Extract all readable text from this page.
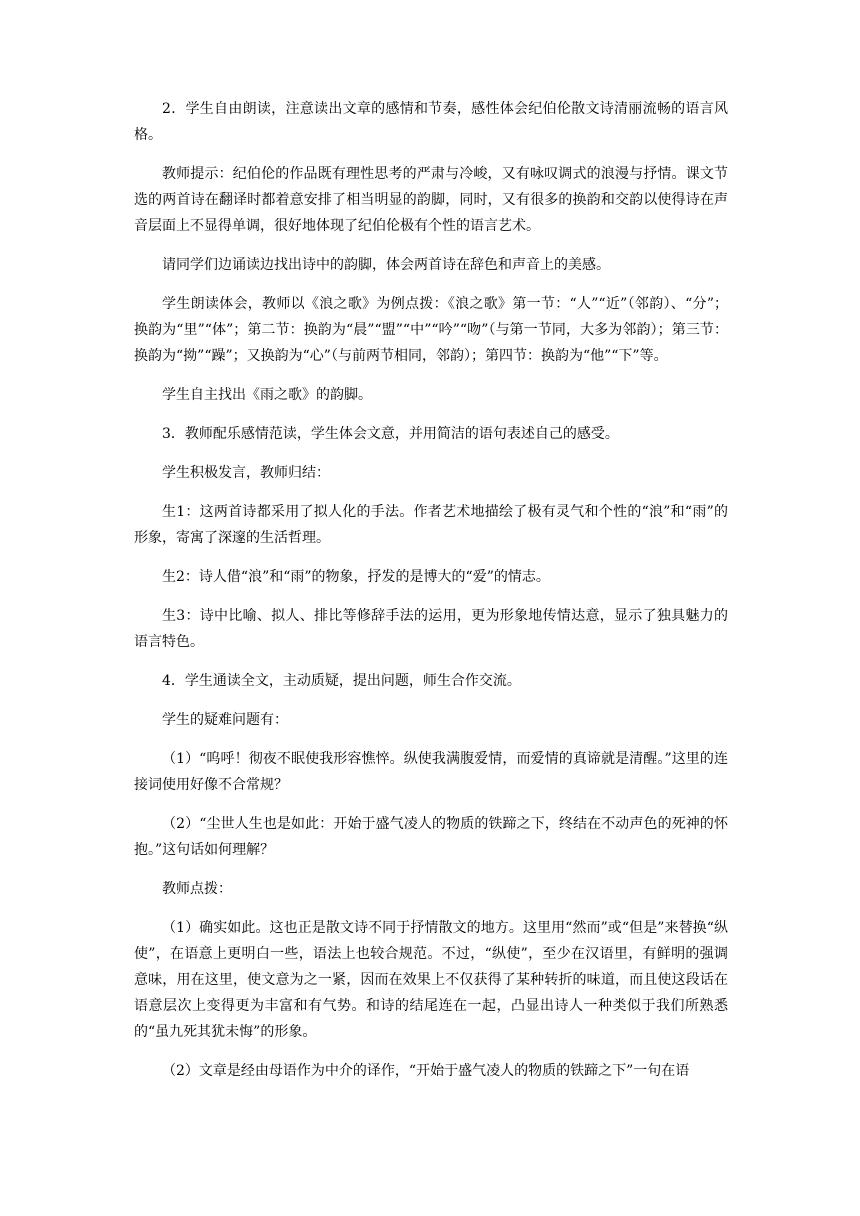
2．学生自由朗读，注意读出文章的感情和节奏，感性体会纪伯伦散文诗清丽流畅的语言风格。

教师提示：纪伯伦的作品既有理性思考的严肃与冷峻，又有咏叹调式的浪漫与抒情。课文节选的两首诗在翻译时都着意安排了相当明显的韵脚，同时，又有很多的换韵和交韵以使得诗在声音层面上不显得单调，很好地体现了纪伯伦极有个性的语言艺术。

请同学们边诵读边找出诗中的韵脚，体会两首诗在辞色和声音上的美感。

学生朗读体会，教师以《浪之歌》为例点拨：《浪之歌》第一节：“人”“近”（邻韵）、“分”；换韵为“里”“体”；第二节：换韵为“晨”“盟”“中”“吟”“吻”（与第一节同，大多为邻韵）；第三节：换韵为“拗”“躁”；又换韵为“心”（与前两节相同，邻韵）；第四节：换韵为“他”“下”等。

学生自主找出《雨之歌》的韵脚。

3．教师配乐感情范读，学生体会文意，并用简洁的语句表述自己的感受。

学生积极发言，教师归结：

生1：这两首诗都采用了拟人化的手法。作者艺术地描绘了极有灵气和个性的“浪”和“雨”的形象，寄寓了深邃的生活哲理。

生2：诗人借“浪”和“雨”的物象，抒发的是博大的“爱”的情志。

生3：诗中比喻、拟人、排比等修辞手法的运用，更为形象地传情达意，显示了独具魅力的语言特色。

4．学生通读全文，主动质疑，提出问题，师生合作交流。

学生的疑难问题有：

（1）“呜呼！彻夜不眠使我形容憔悴。纵使我满腹爱情，而爱情的真谛就是清醒。”这里的连接词使用好像不合常规？

（2）“尘世人生也是如此：开始于盛气凌人的物质的铁蹄之下，终结在不动声色的死神的怀抱。”这句话如何理解？

教师点拨：

（1）确实如此。这也正是散文诗不同于抒情散文的地方。这里用“然而”或“但是”来替换“纵使”，在语意上更明白一些，语法上也较合规范。不过，“纵使”，至少在汉语里，有鲜明的强调意味，用在这里，使文意为之一紧，因而在效果上不仅获得了某种转折的味道，而且使这段话在语意层次上变得更为丰富和有气势。和诗的结尾连在一起，凸显出诗人一种类似于我们所熟悉的“虽九死其犹未悔”的形象。

（2）文章是经由母语作为中介的译作，“开始于盛气凌人的物质的铁蹄之下”一句在语
